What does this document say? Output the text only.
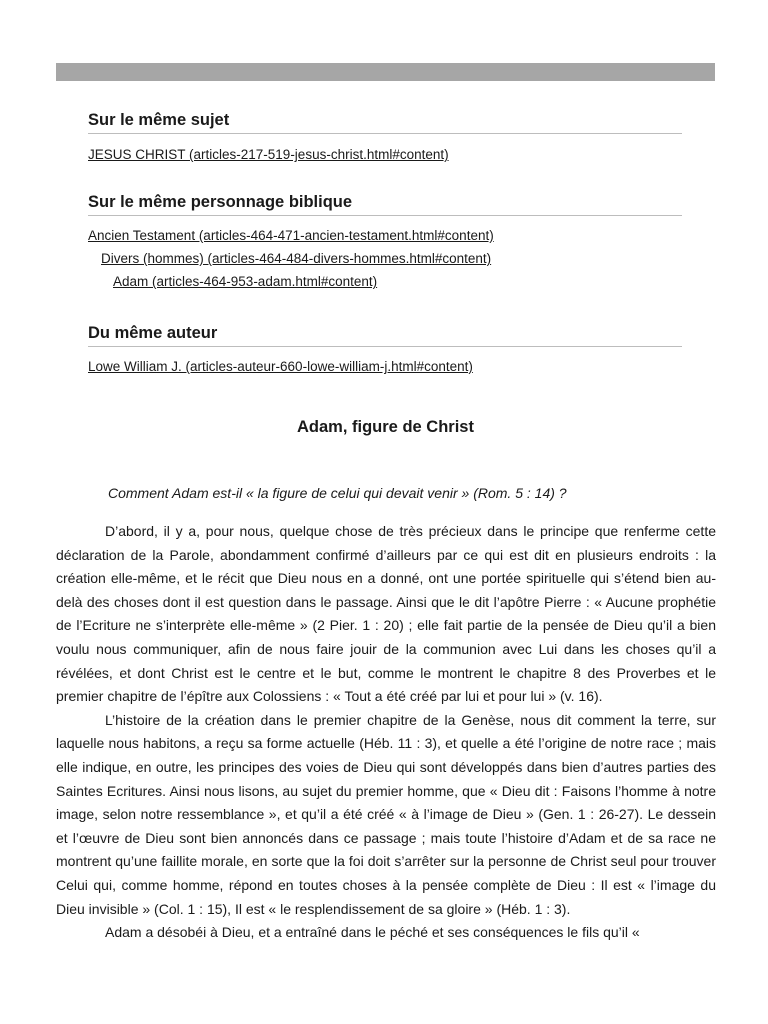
Sur le même sujet
JESUS CHRIST (articles-217-519-jesus-christ.html#content)
Sur le même personnage biblique
Ancien Testament (articles-464-471-ancien-testament.html#content)
Divers (hommes) (articles-464-484-divers-hommes.html#content)
Adam (articles-464-953-adam.html#content)
Du même auteur
Lowe William J. (articles-auteur-660-lowe-william-j.html#content)
Adam, figure de Christ

Comment Adam est-il « la figure de celui qui devait venir » (Rom. 5 : 14) ?

D’abord, il y a, pour nous, quelque chose de très précieux dans le principe que renferme cette déclaration de la Parole, abondamment confirmé d’ailleurs par ce qui est dit en plusieurs endroits : la création elle-même, et le récit que Dieu nous en a donné, ont une portée spirituelle qui s’étend bien au-delà des choses dont il est question dans le passage. Ainsi que le dit l’apôtre Pierre : « Aucune prophétie de l’Ecriture ne s’interprète elle-même » (2 Pier. 1 : 20) ; elle fait partie de la pensée de Dieu qu’il a bien voulu nous communiquer, afin de nous faire jouir de la communion avec Lui dans les choses qu’il a révélées, et dont Christ est le centre et le but, comme le montrent le chapitre 8 des Proverbes et le premier chapitre de l’épître aux Colossiens : « Tout a été créé par lui et pour lui » (v. 16).

L’histoire de la création dans le premier chapitre de la Genèse, nous dit comment la terre, sur laquelle nous habitons, a reçu sa forme actuelle (Héb. 11 : 3), et quelle a été l’origine de notre race ; mais elle indique, en outre, les principes des voies de Dieu qui sont développés dans bien d’autres parties des Saintes Ecritures. Ainsi nous lisons, au sujet du premier homme, que « Dieu dit : Faisons l’homme à notre image, selon notre ressemblance », et qu’il a été créé « à l’image de Dieu » (Gen. 1 : 26-27). Le dessein et l’œuvre de Dieu sont bien annoncés dans ce passage ; mais toute l’histoire d’Adam et de sa race ne montrent qu’une faillite morale, en sorte que la foi doit s’arrêter sur la personne de Christ seul pour trouver Celui qui, comme homme, répond en toutes choses à la pensée complète de Dieu : Il est « l’image du Dieu invisible » (Col. 1 : 15), Il est « le resplendissement de sa gloire » (Héb. 1 : 3).

Adam a désobéi à Dieu, et a entraîné dans le péché et ses conséquences le fils qu’il «
